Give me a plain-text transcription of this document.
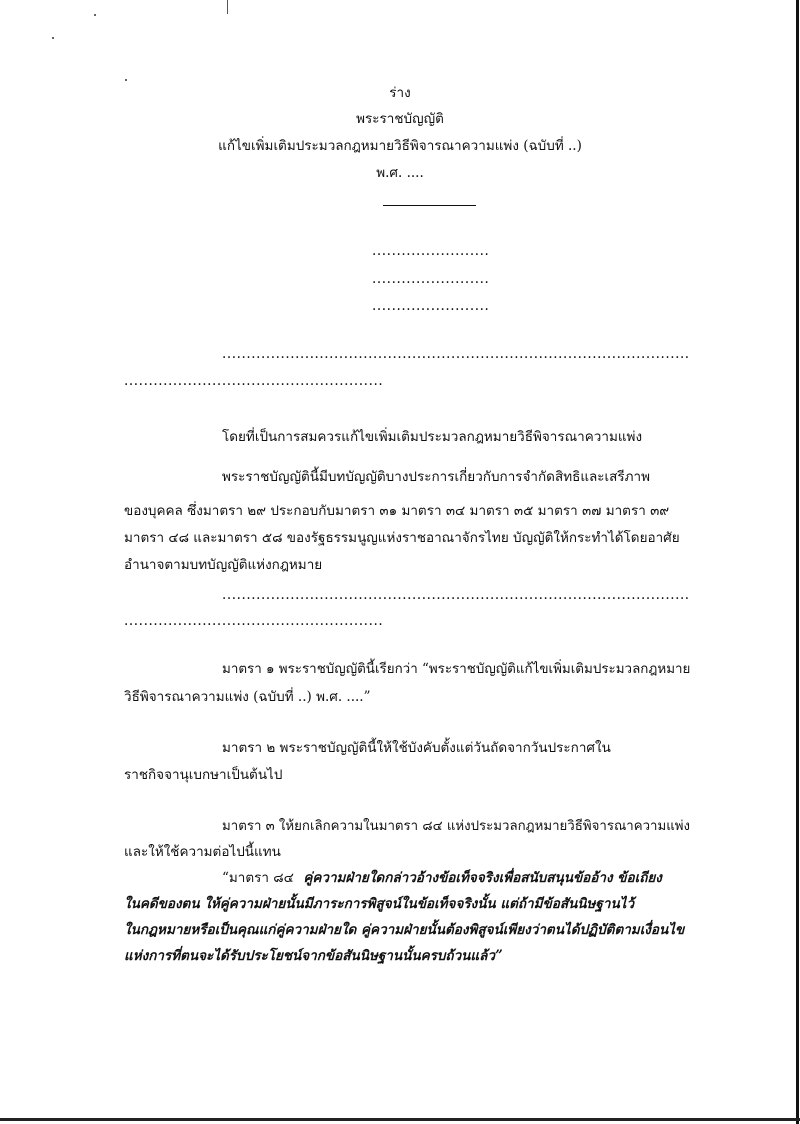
ร่าง
พระราชบัญญัติ
แก้ไขเพิ่มเติมประมวลกฎหมายวิธีพิจารณาความแพ่ง (ฉบับที่ ..)
พ.ศ. ....
........................
........................
........................
................................................................................................
.....................................................
โดยที่เป็นการสมควรแก้ไขเพิ่มเติมประมวลกฎหมายวิธีพิจารณาความแพ่ง
พระราชบัญญัตินี้มีบทบัญญัติบางประการเกี่ยวกับการจำกัดสิทธิและเสรีภาพ
ของบุคคล ซึ่งมาตรา ๒๙ ประกอบกับมาตรา ๓๑ มาตรา ๓๔ มาตรา ๓๕ มาตรา ๓๗ มาตรา ๓๙
มาตรา ๔๘ และมาตรา ๕๘ ของรัฐธรรมนูญแห่งราชอาณาจักรไทย บัญญัติให้กระทำได้โดยอาศัย
อำนาจตามบทบัญญัติแห่งกฎหมาย
................................................................................................
.....................................................
มาตรา ๑ พระราชบัญญัตินี้เรียกว่า “พระราชบัญญัติแก้ไขเพิ่มเติมประมวลกฎหมาย
วิธีพิจารณาความแพ่ง (ฉบับที่ ..) พ.ศ. ....”
มาตรา ๒ พระราชบัญญัตินี้ให้ใช้บังคับตั้งแต่วันถัดจากวันประกาศใน
ราชกิจจานุเบกษาเป็นต้นไป
มาตรา ๓ ให้ยกเลิกความในมาตรา ๘๔ แห่งประมวลกฎหมายวิธีพิจารณาความแพ่ง
และให้ใช้ความต่อไปนี้แทน
“มาตรา ๘๔ คู่ความฝ่ายใดกล่าวอ้างข้อเท็จจริงเพื่อสนับสนุนข้ออ้าง ข้อเถียง
ในคดีของตน ให้คู่ความฝ่ายนั้นมีภาระการพิสูจน์ในข้อเท็จจริงนั้น แต่ถ้ามีข้อสันนิษฐานไว้
ในกฎหมายหรือเป็นคุณแก่คู่ความฝ่ายใด คู่ความฝ่ายนั้นต้องพิสูจน์เพียงว่าตนได้ปฏิบัติตามเงื่อนไข
แห่งการที่ตนจะได้รับประโยชน์จากข้อสันนิษฐานนั้นครบถ้วนแล้ว”
